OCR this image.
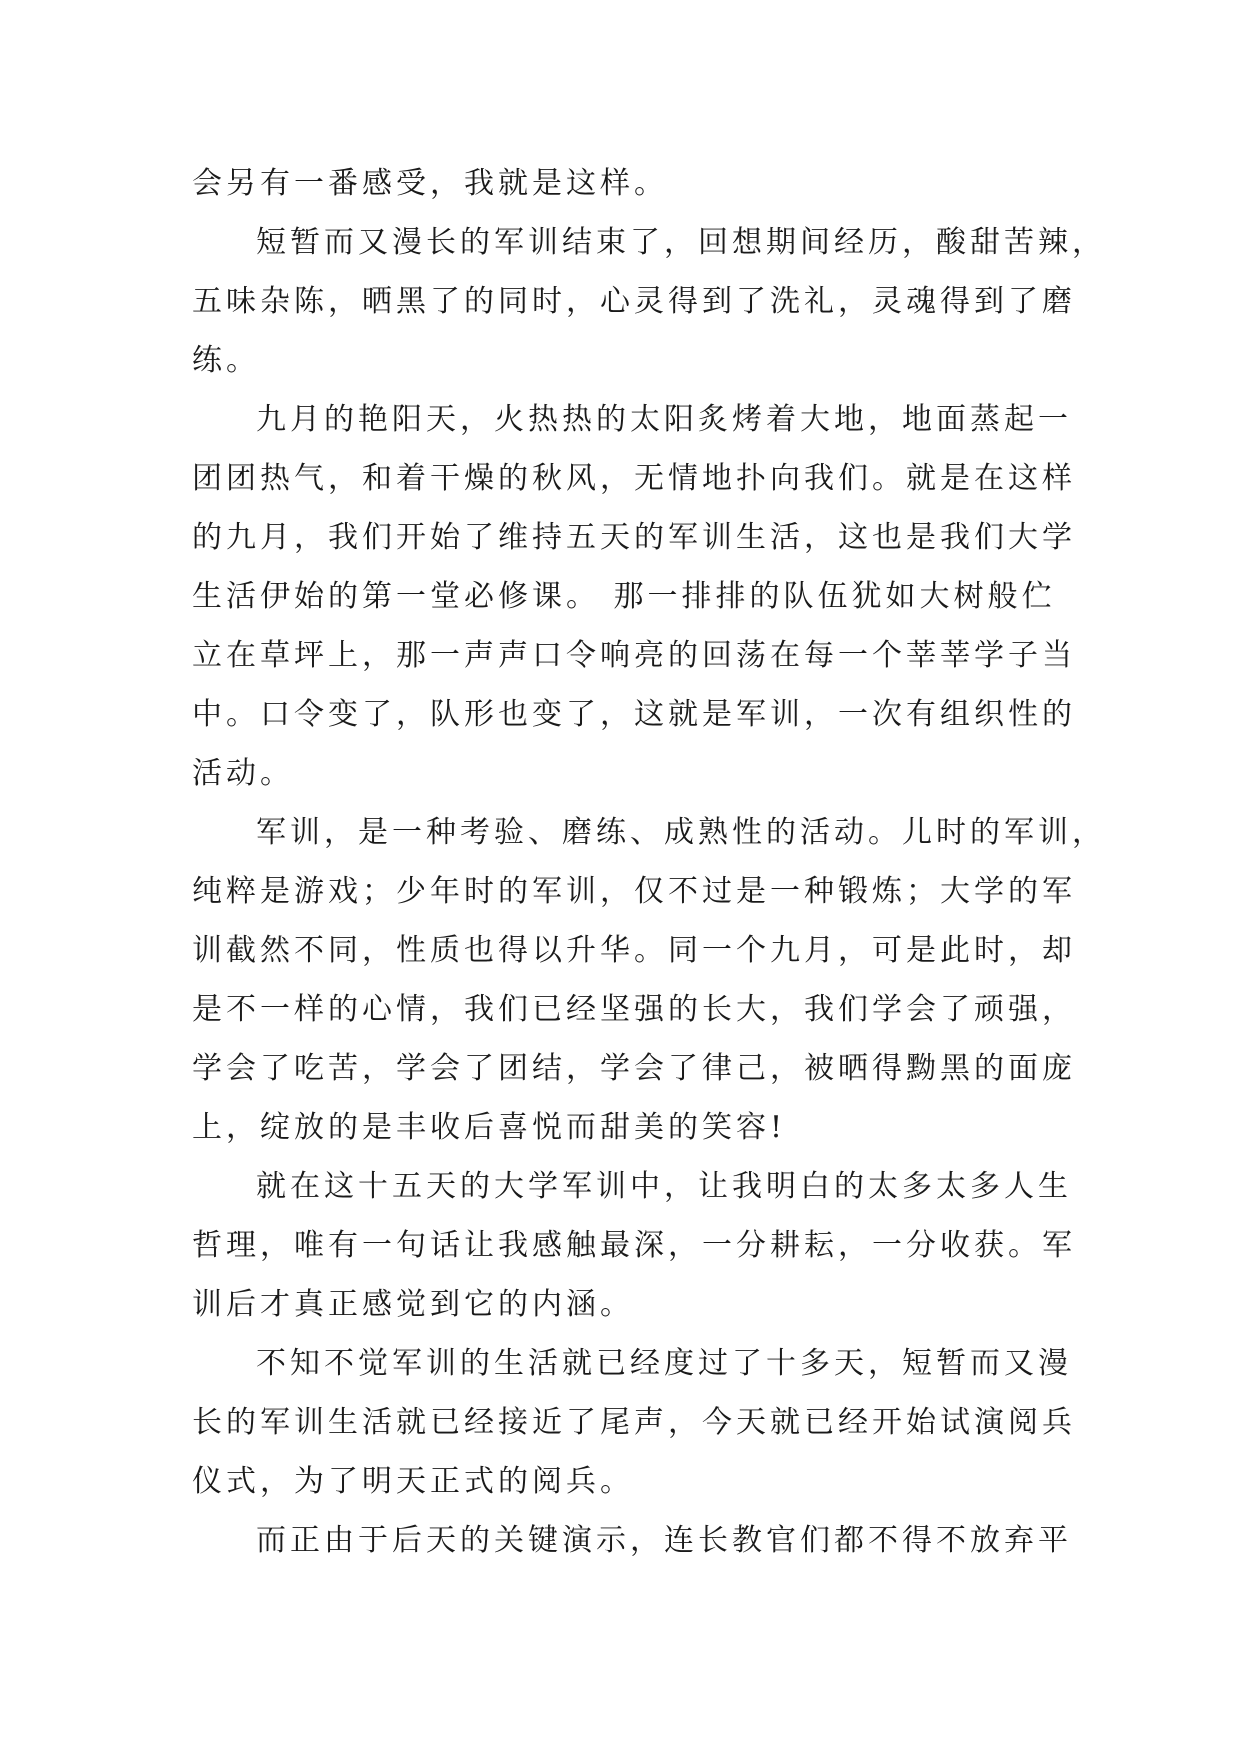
会另有一番感受，我就是这样。
短暂而又漫长的军训结束了，回想期间经历，酸甜苦辣，
五味杂陈，晒黑了的同时，心灵得到了洗礼，灵魂得到了磨
练。
九月的艳阳天，火热热的太阳炙烤着大地，地面蒸起一
团团热气，和着干燥的秋风，无情地扑向我们。就是在这样
的九月，我们开始了维持五天的军训生活，这也是我们大学
生活伊始的第一堂必修课。 那一排排的队伍犹如大树般伫
立在草坪上，那一声声口令响亮的回荡在每一个莘莘学子当
中。口令变了，队形也变了，这就是军训，一次有组织性的
活动。
军训，是一种考验、磨练、成熟性的活动。儿时的军训，
纯粹是游戏；少年时的军训，仅不过是一种锻炼；大学的军
训截然不同，性质也得以升华。同一个九月，可是此时，却
是不一样的心情，我们已经坚强的长大，我们学会了顽强，
学会了吃苦，学会了团结，学会了律己，被晒得黝黑的面庞
上，绽放的是丰收后喜悦而甜美的笑容!
就在这十五天的大学军训中，让我明白的太多太多人生
哲理，唯有一句话让我感触最深，一分耕耘，一分收获。军
训后才真正感觉到它的内涵。
不知不觉军训的生活就已经度过了十多天，短暂而又漫
长的军训生活就已经接近了尾声，今天就已经开始试演阅兵
仪式，为了明天正式的阅兵。
而正由于后天的关键演示，连长教官们都不得不放弃平
